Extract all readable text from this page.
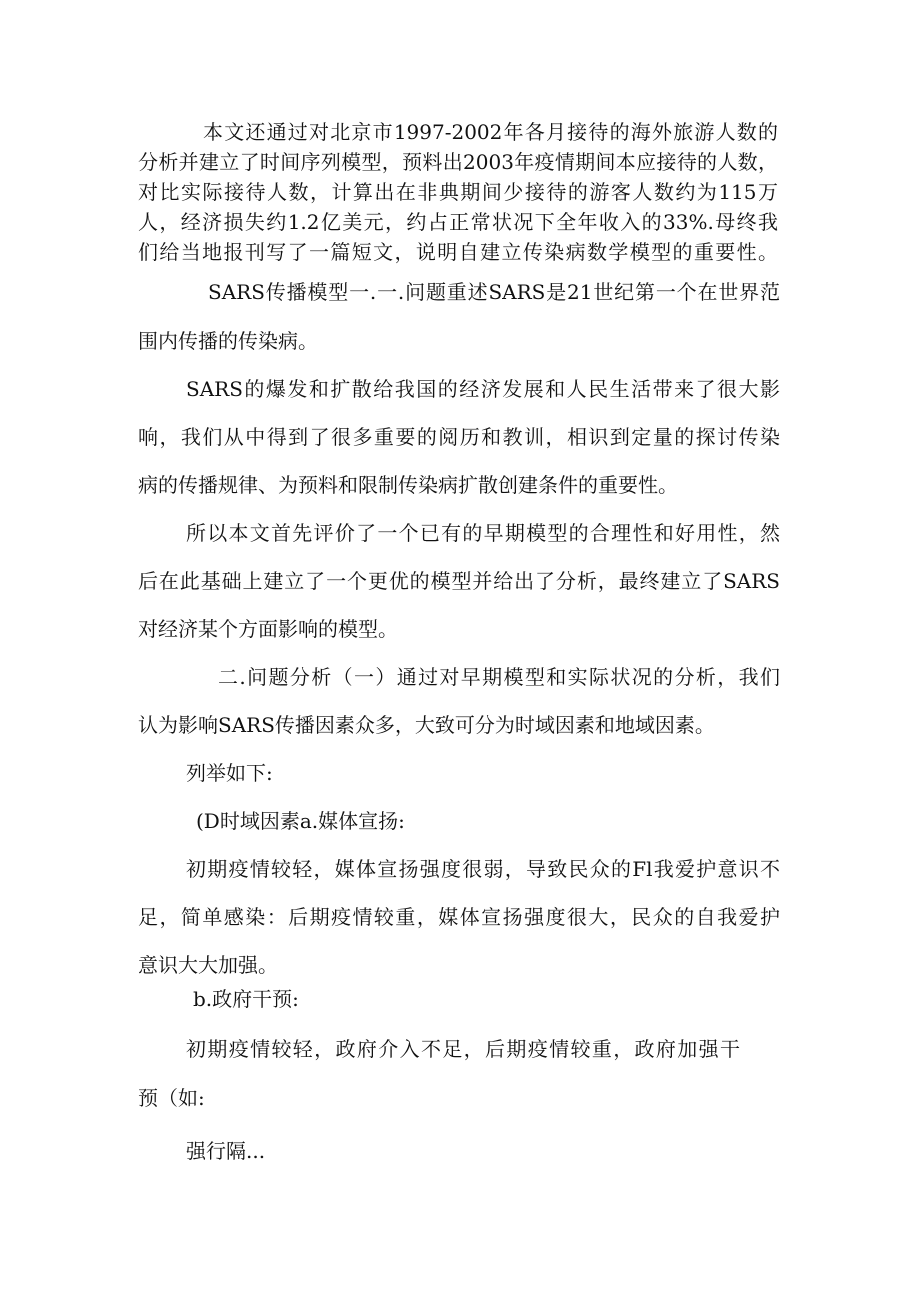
本文还通过对北京市1997-2002年各月接待的海外旅游人数的

分析并建立了时间序列模型，预料出2003年疫情期间本应接待的人数，

对比实际接待人数，计算出在非典期间少接待的游客人数约为115万

人，经济损失约1.2亿美元，约占正常状况下全年收入的33%.母终我

们给当地报刊写了一篇短文，说明自建立传染病数学模型的重要性。

SARS传播模型一.一.问题重述SARS是21世纪第一个在世界范

围内传播的传染病。

SARS的爆发和扩散给我国的经济发展和人民生活带来了很大影

响，我们从中得到了很多重要的阅历和教训，相识到定量的探讨传染

病的传播规律、为预料和限制传染病扩散创建条件的重要性。

所以本文首先评价了一个已有的早期模型的合理性和好用性，然

后在此基础上建立了一个更优的模型并给出了分析，最终建立了SARS

对经济某个方面影响的模型。

二.问题分析（一）通过对早期模型和实际状况的分析，我们

认为影响SARS传播因素众多，大致可分为时域因素和地域因素。

列举如下:

(D时域因素a.媒体宣扬:

初期疫情较轻，媒体宣扬强度很弱，导致民众的Fl我爱护意识不

足，简单感染：后期疫情较重，媒体宣扬强度很大，民众的自我爱护

意识大大加强。

b.政府干预:

初期疫情较轻，政府介入不足，后期疫情较重，政府加强干

预（如:

强行隔...
